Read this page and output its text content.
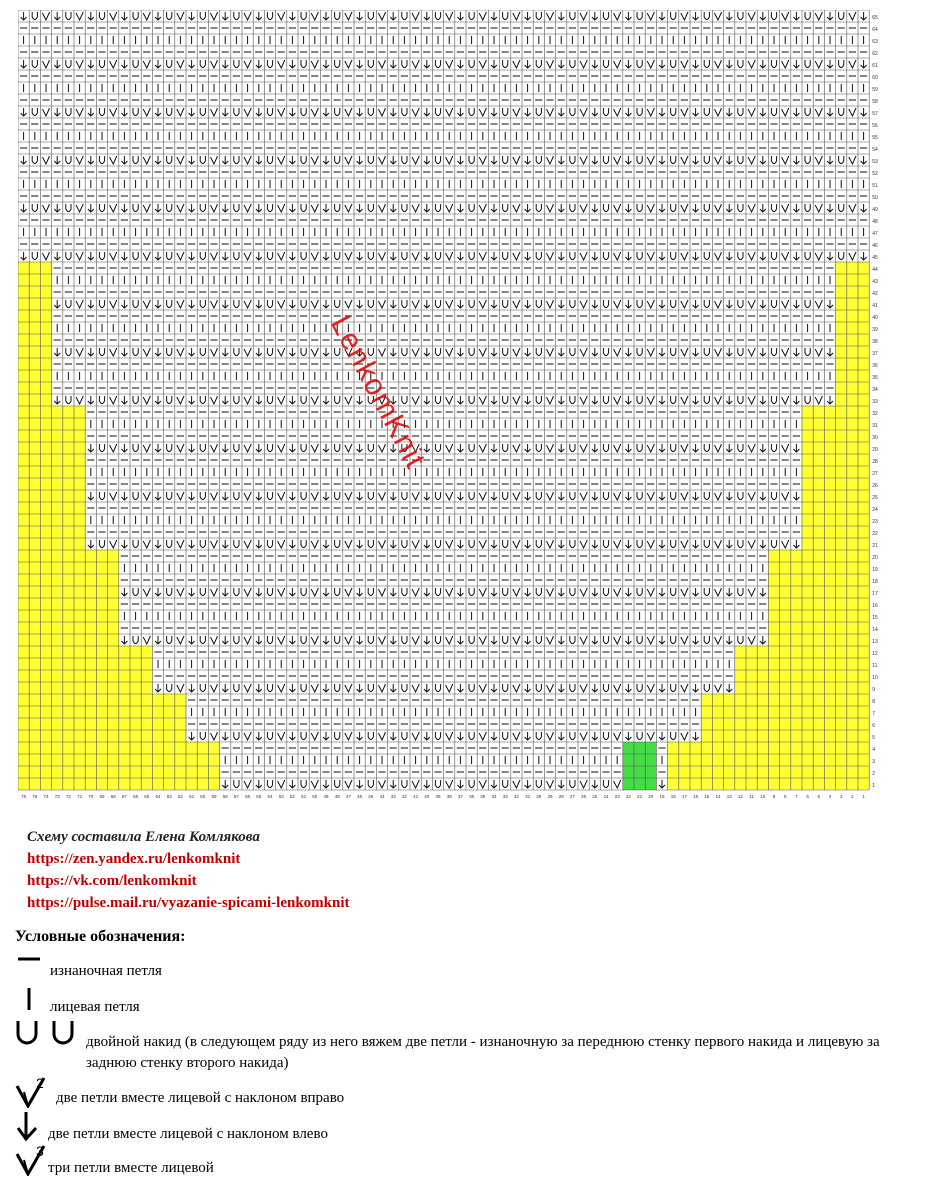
1
2
3
4
5
6
7
8
9
10
11
12
13
14
15
16
17
18
19
20
21
22
23
24
25
26
27
28
29
30
31
32
33
34
35
36
37
38
39
40
41
42
43
44
45
46
47
48
49
50
51
52
53
54
55
56
57
58
59
60
61
62
63
64
65
76 75 74 73 72 71 70 69 68 67 66 65 64 63 62 61 60 59 58 57 56 55 54 53 52 51 50 49 48 47 46 45 44 43 42 41 40 39 38 37 36 35 34 33 32 31 30 29 28 27 26 25 24 23 22 21 20 19 18 17 16 15 14 13 12 11 10 9 8 7 6 5 4 3 2 1
LenkomKnit
Схему составила Елена Комлякова
https://zen.yandex.ru/lenkomknit
https://vk.com/lenkomknit
https://pulse.mail.ru/vyazanie-spicami-lenkomknit
Условные обозначения:
изнаночная петля
лицевая петля
двойной накид (в следующем ряду из него вяжем две петли - изнаночную за переднюю стенку первого накида и лицевую за заднюю стенку второго накида)
2
две петли вместе лицевой с наклоном вправо
две петли вместе лицевой с наклоном влево
3
три петли вместе лицевой
